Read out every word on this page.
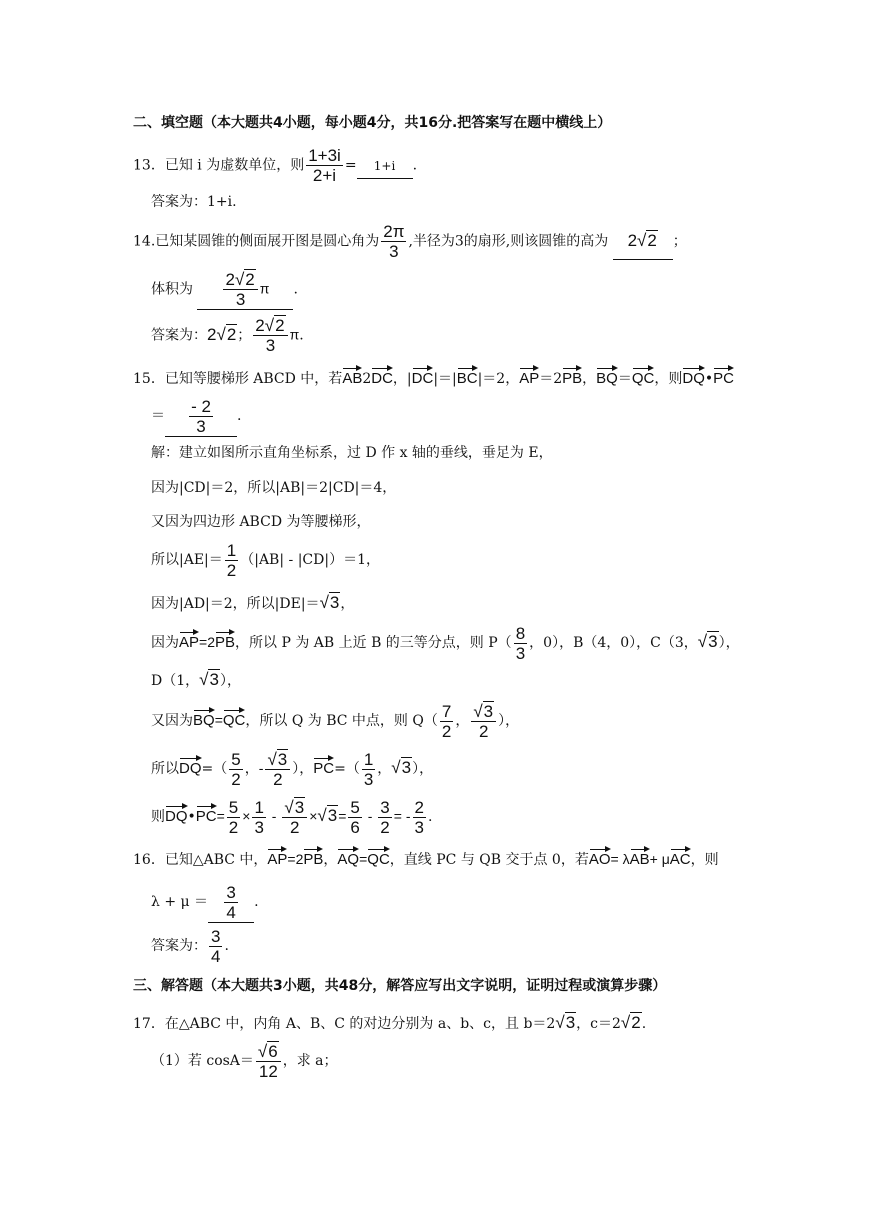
二、填空题（本大题共4小题，每小题4分，共16分.把答案写在题中横线上）
13．已知 i 为虚数单位，则 $\frac{1+3i}{2+i} = 1+i$ .
答案为：1+i.
14.已知某圆锥的侧面展开图是圆心角为 $\frac{2\pi}{3}$ ,半径为3的扇形,则该圆锥的高为 2√2 ；
体积为 $\frac{2√2}{3}$ π .
答案为：2√2； $\frac{2√2}{3} \pi$.
15．已知等腰梯形 ABCD 中，若AB2DC，|DC|＝|BC|＝2，AP＝2PB，BQ＝QC，则DQ•PC
＝ $\frac{- 2}{3}$ .
解：建立如图所示直角坐标系，过 D 作 x 轴的垂线，垂足为 E，
因为|CD|＝2，所以|AB|＝2|CD|＝4，
又因为四边形 ABCD 为等腰梯形，
所以$|AE|= \frac{1}{2} (|AB| - |CD|)=1$，
因为|AD|＝2，所以|DE|＝√3，
因为AP=2PB，所以 P 为 AB 上近 B 的三等分点，则 $P( \frac{8}{3}$ ，0），B（4，0），C（3，√3），
D（1，√3），
又因为BQ=QC，所以 Q 为 BC 中点，则 $Q( \frac{7}{2}$ ， $\frac{√3}{2}$ ），
所以$DQ=( \frac{5}{2}$ ，- $\frac{√3}{2}$ ），$PC=( \frac{1}{3}$ ，√3），
则DQ•PC= $\frac{5}{2} \times \frac{1}{3} - \frac{√3}{2} \times√3= \frac{5}{6} - \frac{3}{2}$ = - $\frac{2}{3}$ .
16．已知△ABC 中，AP=2PB，AQ=QC，直线 PC 与 QB 交于点 0，若AO= λAB+ μAC，则
$\lambda + \mu = \frac{3}{4}$ .
答案为： $\frac{3}{4}$ .
三、解答题（本大题共3小题，共48分，解答应写出文字说明，证明过程或演算步骤）
17．在△ABC 中，内角 A、B、C 的对边分别为 a、b、c，且 b＝2√3，c＝2√2.
（1）若 $\cos A= \frac{√6}{12}$ ，求 a；
